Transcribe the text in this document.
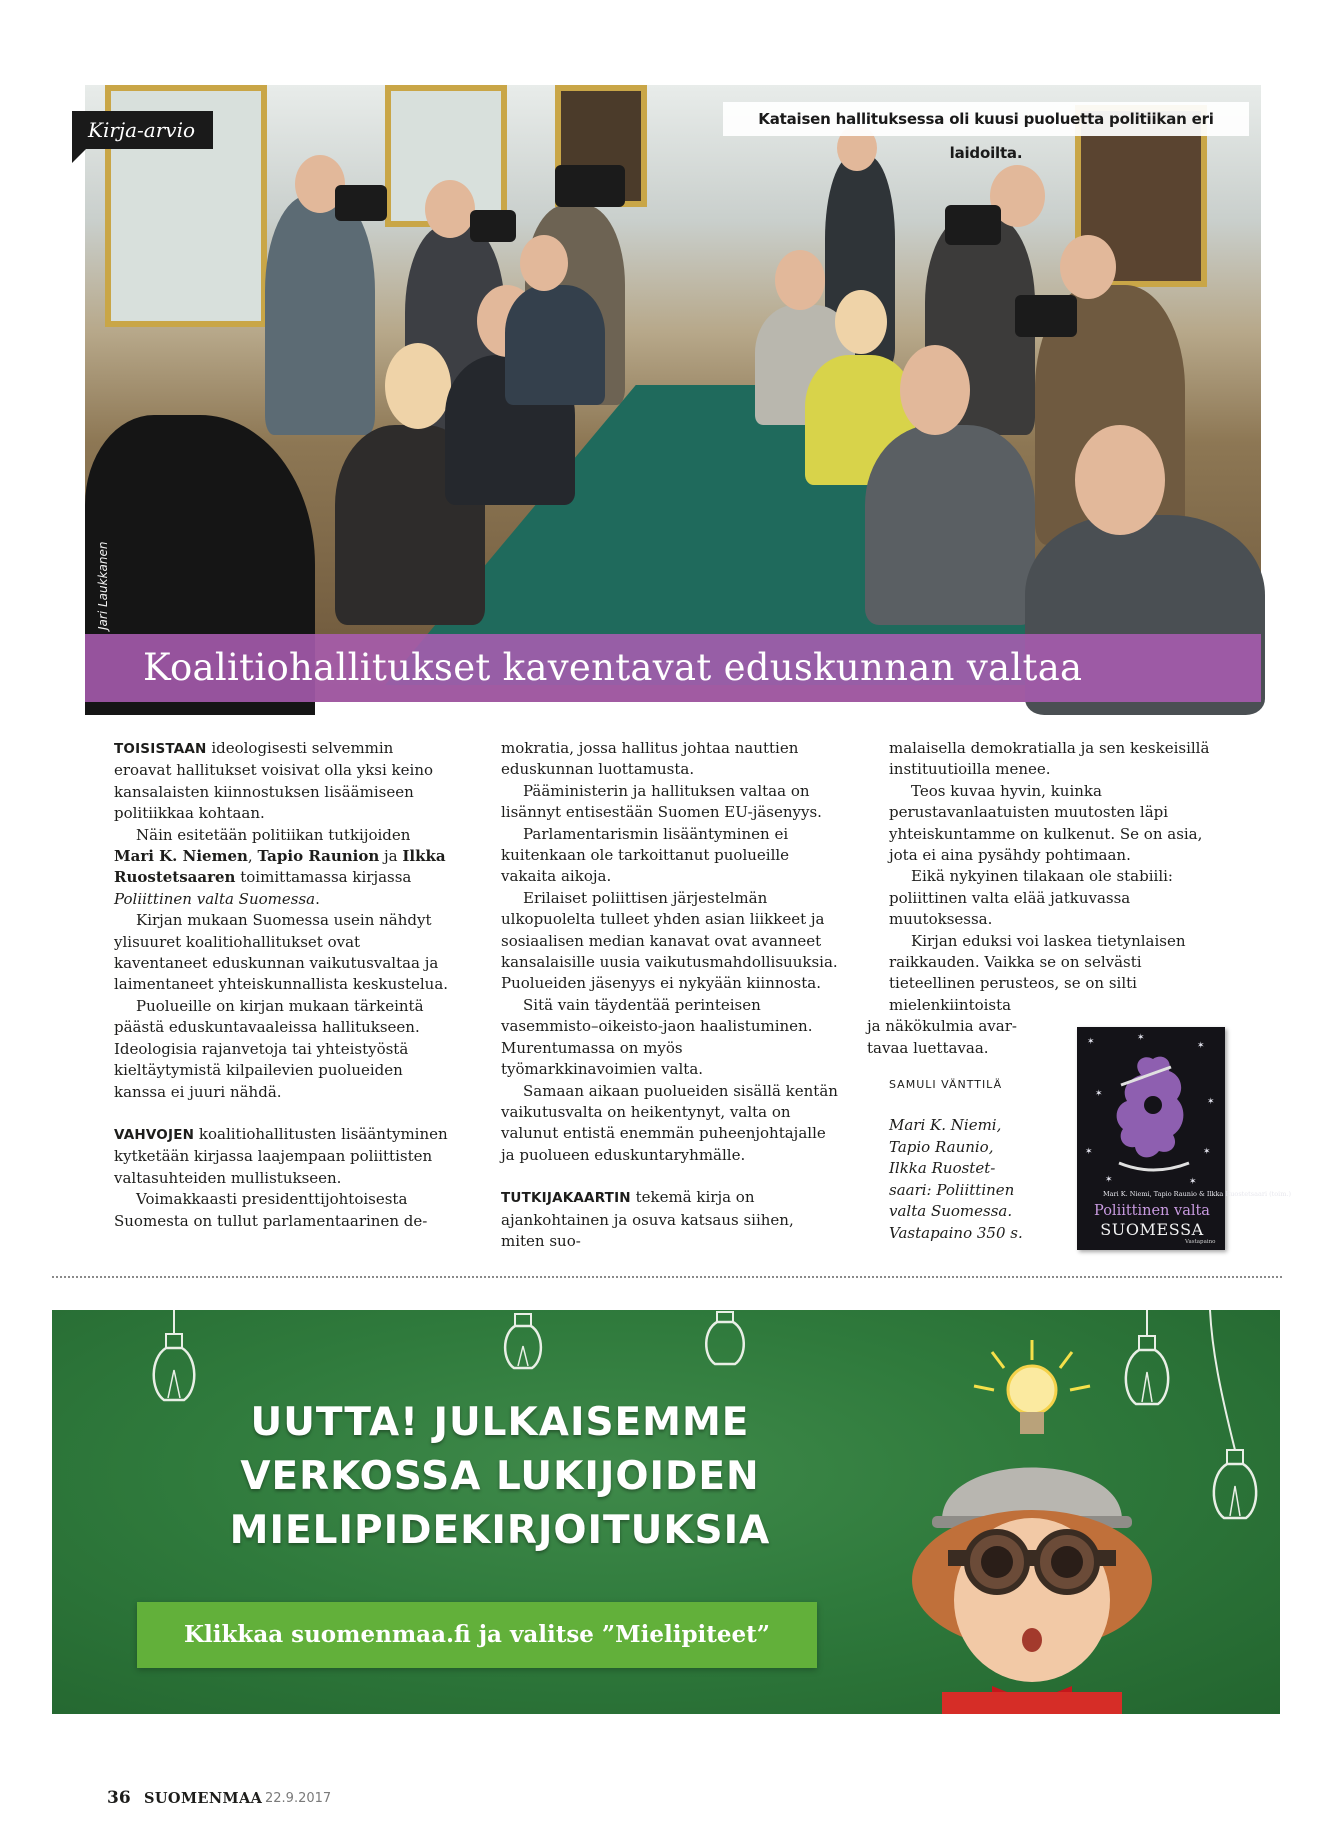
Kirja-arvio	Kataisen hallituksessa oli kuusi puoluetta politiikan eri laidoilta.
Jari Laukkanen
Koalitiohallitukset kaventavat eduskunnan valtaa

TOISISTAAN ideologisesti selvemmin eroavat hallitukset voisivat olla yksi keino kansalaisten kiinnostuksen lisäämiseen politiikkaa kohtaan.

Näin esitetään politiikan tutkijoiden Mari K. Niemen, Tapio Raunion ja Ilkka Ruostetsaaren toimittamassa kirjassa Poliittinen valta Suomessa.

Kirjan mukaan Suomessa usein nähdyt ylisuuret koalitiohallitukset ovat kaventaneet eduskunnan vaikutusvaltaa ja laimentaneet yhteiskunnallista keskustelua.

Puolueille on kirjan mukaan tärkeintä päästä eduskuntavaaleissa hallitukseen. Ideologisia rajanvetoja tai yhteistyöstä kieltäytymistä kilpailevien puolueiden kanssa ei juuri nähdä.

VAHVOJEN koalitiohallitusten lisääntyminen kytketään kirjassa laajempaan poliittisten valtasuhteiden mullistukseen.

Voimakkaasti presidenttijohtoisesta Suomesta on tullut parlamentaarinen de-

mokratia, jossa hallitus johtaa nauttien eduskunnan luottamusta.

Pääministerin ja hallituksen valtaa on lisännyt entisestään Suomen EU-jäsenyys.

Parlamentarismin lisääntyminen ei kuitenkaan ole tarkoittanut puolueille vakaita aikoja.

Erilaiset poliittisen järjestelmän ulkopuolelta tulleet yhden asian liikkeet ja sosiaalisen median kanavat ovat avanneet kansalaisille uusia vaikutusmahdollisuuksia. Puolueiden jäsenyys ei nykyään kiinnosta.

Sitä vain täydentää perinteisen vasemmisto–oikeisto-jaon haalistuminen. Murentumassa on myös työmarkkinavoimien valta.

Samaan aikaan puolueiden sisällä kentän vaikutusvalta on heikentynyt, valta on valunut entistä enemmän puheenjohtajalle ja puolueen eduskuntaryhmälle.

TUTKIJAKAARTIN tekemä kirja on ajankohtainen ja osuva katsaus siihen, miten suo-

malaisella demokratialla ja sen keskeisillä instituutioilla menee.

Teos kuvaa hyvin, kuinka perustavanlaatuisten muutosten läpi yhteiskuntamme on kulkenut. Se on asia, jota ei aina pysähdy pohtimaan.

Eikä nykyinen tilakaan ole stabiili: poliittinen valta elää jatkuvassa muutoksessa.

Kirjan eduksi voi laskea tietynlaisen raikkauden. Vaikka se on selvästi tieteellinen perusteos, se on silti mielenkiintoista
ja näkökulmia avar-
tavaa luettavaa.

SAMULI VÄNTTILÄ
Mari K. Niemi,
Tapio Raunio,
Ilkka Ruostet-
saari: Poliittinen
valta Suomessa.
Vastapaino 350 s.
✶	✶
✶
✶
✶
✶	✶
✶	✶
Mari K. Niemi, Tapio Raunio & Ilkka Ruostetsaari (toim.)
Poliittinen valta
SUOMESSA
Vastapaino
UUTTA! JULKAISEMME
VERKOSSA LUKIJOIDEN
MIELIPIDEKIRJOITUKSIA
Klikkaa suomenmaa.fi ja valitse ”Mielipiteet”
36 SUOMENMAA 22.9.2017
